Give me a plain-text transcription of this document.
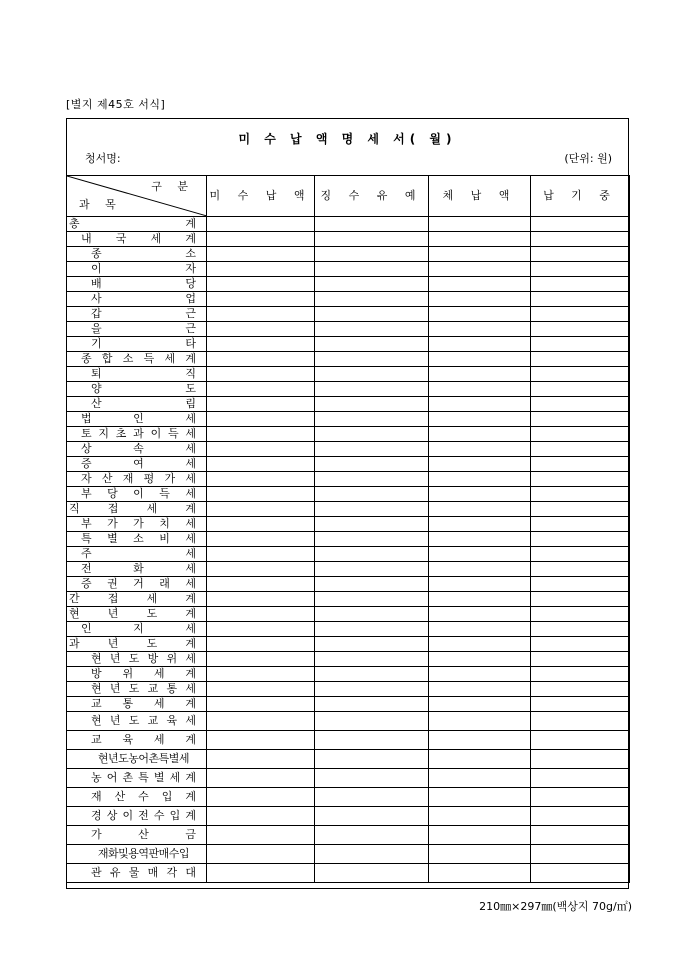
[별지 제45호 서식]
미 수 납 액 명 세 서( 월)
청서명:	(단위: 원)
구 분
과 목	미 수 납 액	징 수 유 예	체 납 액	납 기 중
총 계				
내 국 세 계				
종 소				
이 자				
배 당				
사 업				
갑 근				
을 근				
기 타				
종 합 소 득 세 계				
퇴 직				
양 도				
산 림				
법 인 세				
토 지 초 과 이 득 세				
상 속 세				
증 여 세				
자 산 재 평 가 세				
부 당 이 득 세				
직 접 세 계				
부 가 가 치 세				
특 별 소 비 세				
주 세				
전 화 세				
증 권 거 래 세				
간 접 세 계				
현 년 도 계				
인 지 세				
과 년 도 계				
현 년 도 방 위 세				
방 위 세 계				
현 년 도 교 통 세				
교 통 세 계				
현 년 도 교 육 세				
교 육 세 계				
현년도농어촌특별세				
농 어 촌 특 별 세 계				
재 산 수 입 계				
경 상 이 전 수 입 계				
가 산 금				
재화및용역판매수입				
관 유 물 매 각 대				
210㎜×297㎜(백상지 70g/㎡)
